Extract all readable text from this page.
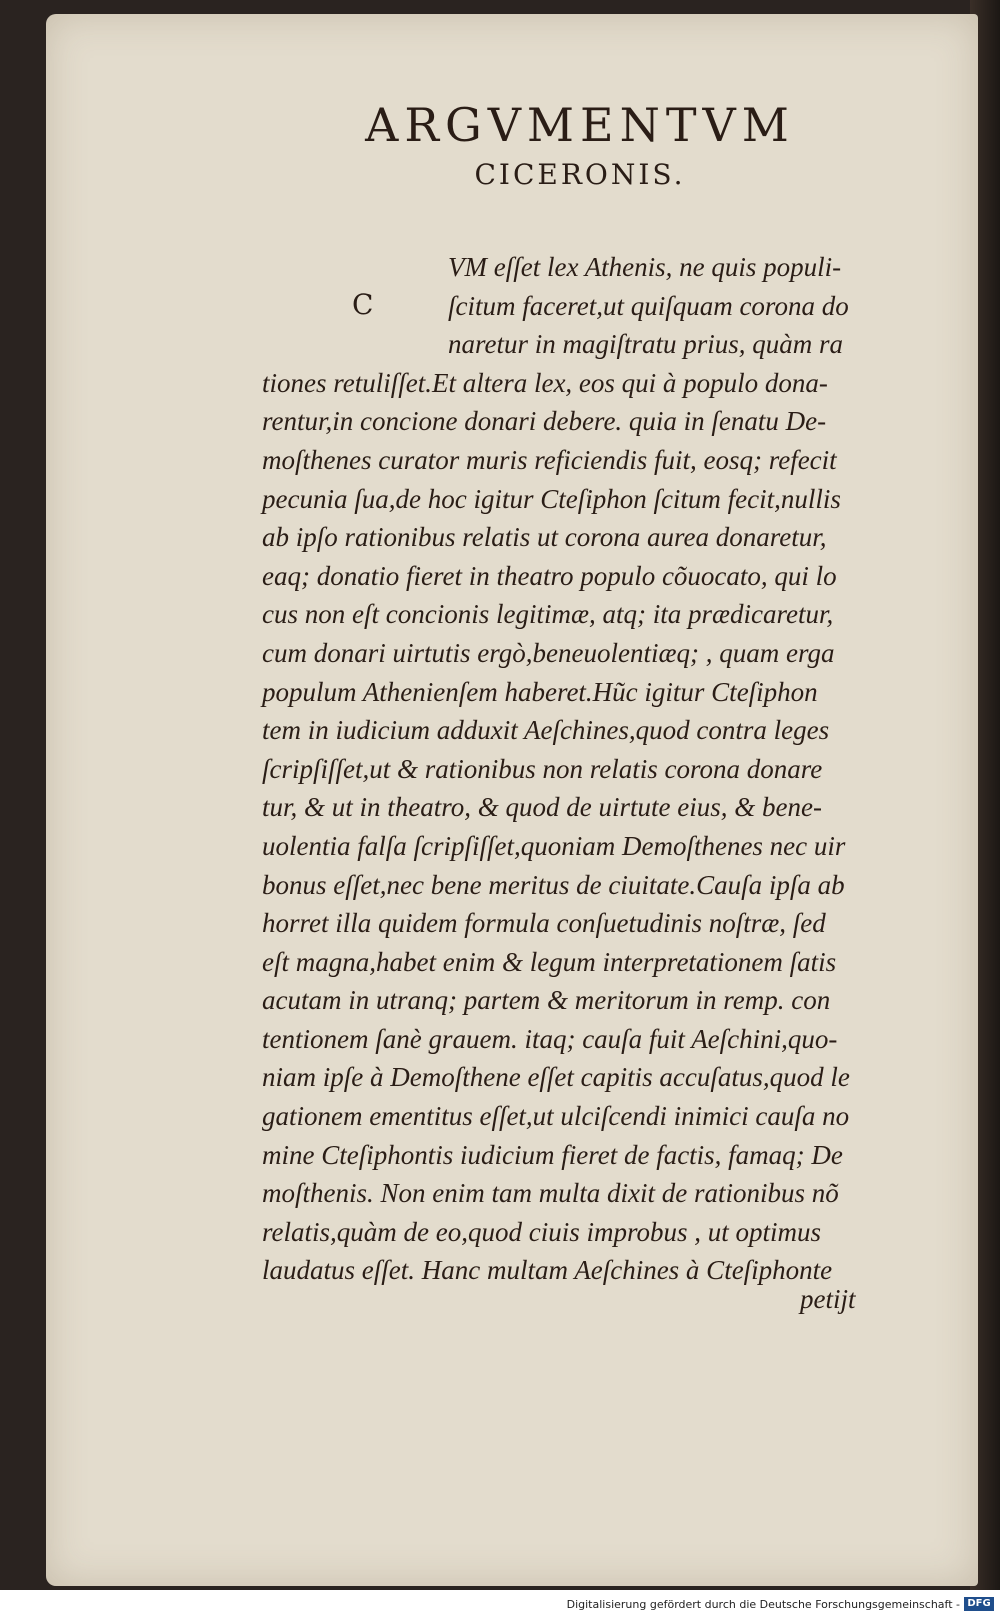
ARGVMENTVM
CICERONIS.
C
VM eſſet lex Athenis, ne quis populi-
ſcitum faceret,ut quiſquam corona do
naretur in magiſtratu prius, quàm ra
tiones retuliſſet.Et altera lex, eos qui à populo dona-
rentur,in concione donari debere. quia in ſenatu De-
moſthenes curator muris reficiendis fuit, eosq; refecit
pecunia ſua,de hoc igitur Cteſiphon ſcitum fecit,nullis
ab ipſo rationibus relatis ut corona aurea donaretur,
eaq; donatio fieret in theatro populo cõuocato, qui lo
cus non eſt concionis legitimæ, atq; ita prædicaretur,
cum donari uirtutis ergò,beneuolentiæq; , quam erga
populum Athenienſem haberet.Hũc igitur Cteſiphon
tem in iudicium adduxit Aeſchines,quod contra leges
ſcripſiſſet,ut & rationibus non relatis corona donare
tur, & ut in theatro, & quod de uirtute eius, & bene-
uolentia falſa ſcripſiſſet,quoniam Demoſthenes nec uir
bonus eſſet,nec bene meritus de ciuitate.Cauſa ipſa ab
horret illa quidem formula conſuetudinis noſtræ, ſed
eſt magna,habet enim & legum interpretationem ſatis
acutam in utranq; partem & meritorum in remp. con
tentionem ſanè grauem. itaq; cauſa fuit Aeſchini,quo-
niam ipſe à Demoſthene eſſet capitis accuſatus,quod le
gationem ementitus eſſet,ut ulciſcendi inimici cauſa no
mine Cteſiphontis iudicium fieret de factis, famaq; De
moſthenis. Non enim tam multa dixit de rationibus nõ
relatis,quàm de eo,quod ciuis improbus , ut optimus
laudatus eſſet. Hanc multam Aeſchines à Cteſiphonte
petijt
Digitalisierung gefördert durch die Deutsche Forschungsgemeinschaft - DFG
